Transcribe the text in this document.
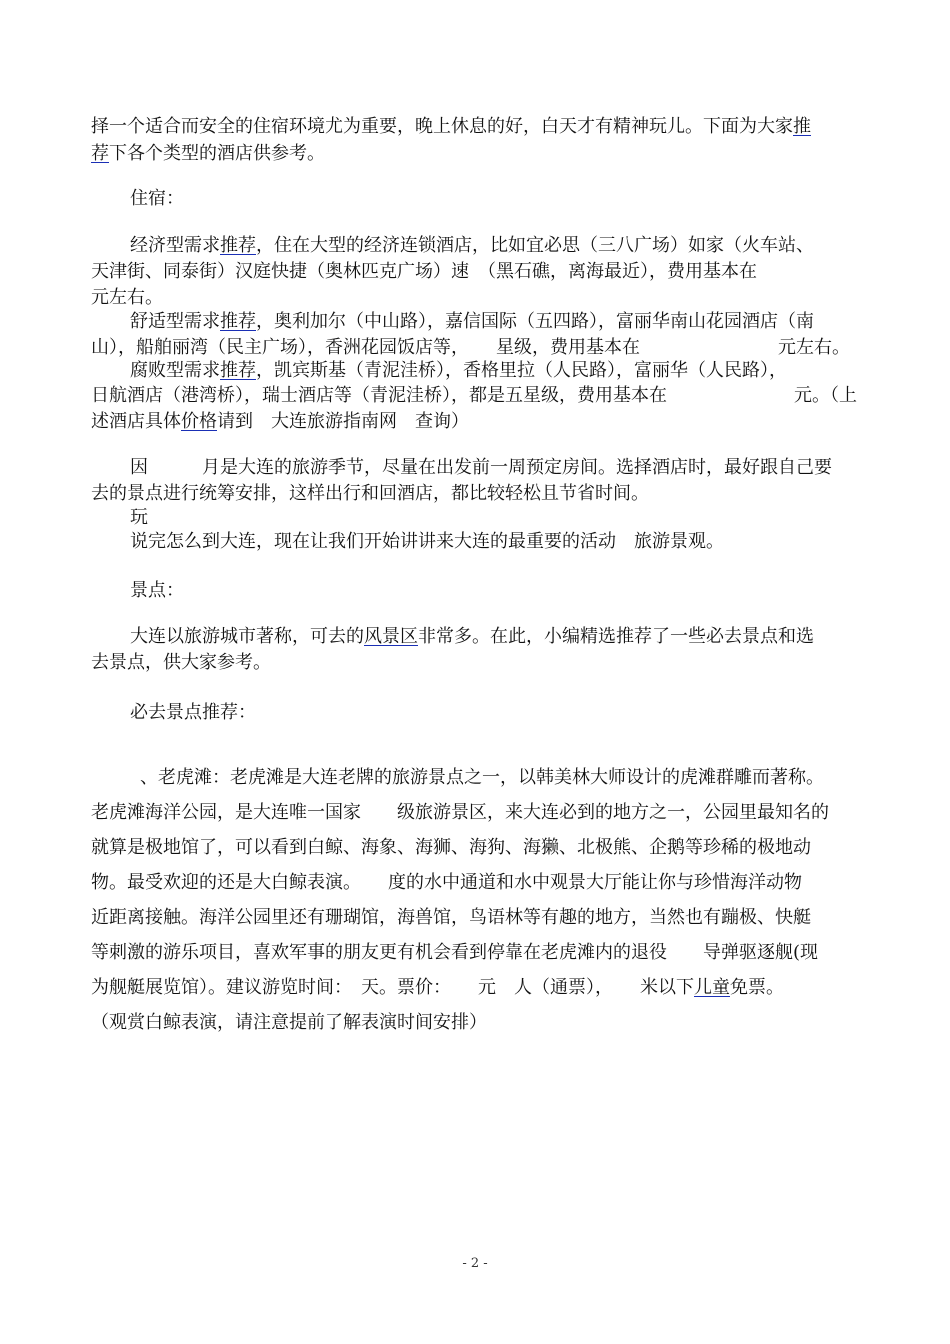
择一个适合而安全的住宿环境尤为重要，晚上休息的好，白天才有精神玩儿。下面为大家推
荐下各个类型的酒店供参考。
住宿：
经济型需求推荐，住在大型的经济连锁酒店，比如宜必思（三八广场）如家（火车站、
天津街、同泰街）汉庭快捷（奥林匹克广场）速　（黑石礁，离海最近），费用基本在
元左右。
舒适型需求推荐，奥利加尔（中山路），嘉信国际（五四路），富丽华南山花园酒店（南
山），船舶丽湾（民主广场），香洲花园饭店等，　　星级，费用基本在	元左右。
腐败型需求推荐，凯宾斯基（青泥洼桥），香格里拉（人民路），富丽华（人民路），
日航酒店（港湾桥），瑞士酒店等（青泥洼桥），都是五星级，费用基本在	元。（上
述酒店具体价格请到　大连旅游指南网　查询）
因　　　月是大连的旅游季节，尽量在出发前一周预定房间。选择酒店时，最好跟自己要
去的景点进行统筹安排，这样出行和回酒店，都比较轻松且节省时间。
玩
说完怎么到大连，现在让我们开始讲讲来大连的最重要的活动　旅游景观。
景点：
大连以旅游城市著称，可去的风景区非常多。在此，小编精选推荐了一些必去景点和选
去景点，供大家参考。
必去景点推荐：
、老虎滩：老虎滩是大连老牌的旅游景点之一，以韩美林大师设计的虎滩群雕而著称。
老虎滩海洋公园，是大连唯一国家　　级旅游景区，来大连必到的地方之一，公园里最知名的
就算是极地馆了，可以看到白鲸、海象、海狮、海狗、海獭、北极熊、企鹅等珍稀的极地动
物。最受欢迎的还是大白鲸表演。　　度的水中通道和水中观景大厅能让你与珍惜海洋动物
近距离接触。海洋公园里还有珊瑚馆，海兽馆，鸟语林等有趣的地方，当然也有蹦极、快艇
等刺激的游乐项目，喜欢军事的朋友更有机会看到停靠在老虎滩内的退役　　导弹驱逐舰(现
为舰艇展览馆）。建议游览时间：　天。票价：　　元　人（通票），　　米以下儿童免票。
（观赏白鲸表演，请注意提前了解表演时间安排）
- 2 -
